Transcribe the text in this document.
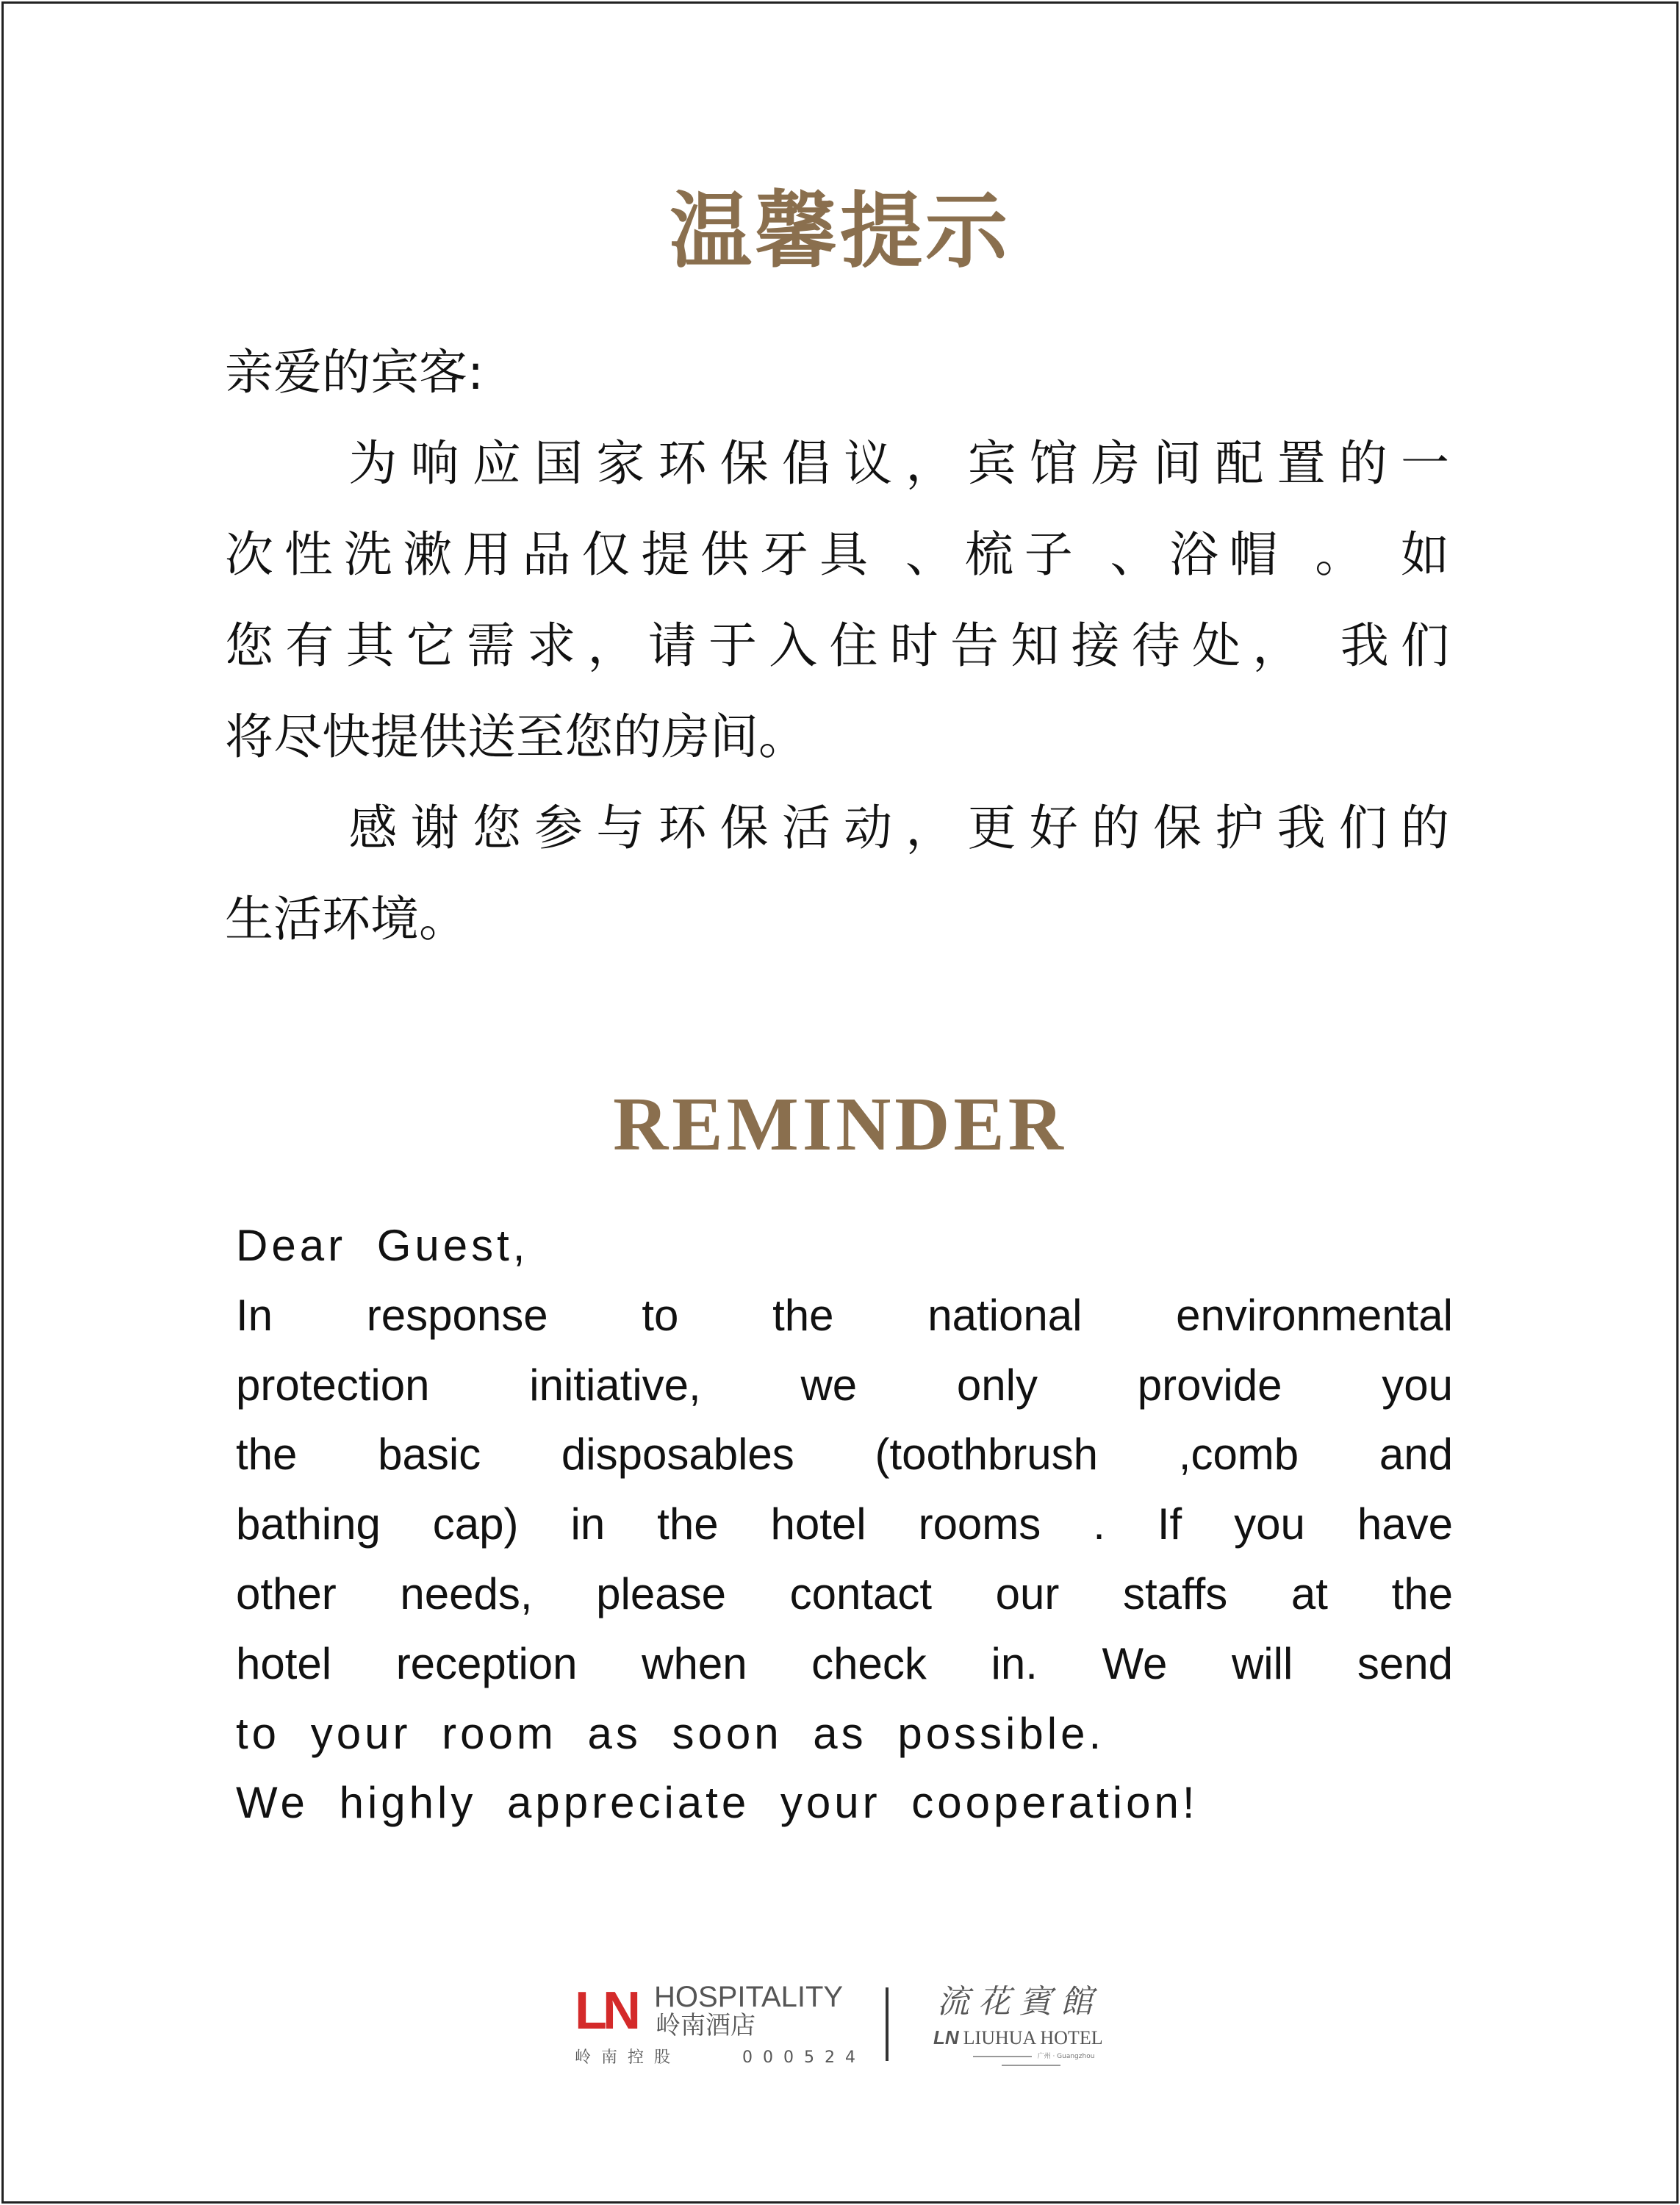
温馨提示
亲爱的宾客:
　　为响应国家环保倡议，宾馆房间配置的一
次性洗漱用品仅提供牙具 、梳子 、浴帽 。 如
您有其它需求，请于入住时告知接待处， 我们
将尽快提供送至您的房间。
　　感谢您参与环保活动，更好的保护我们的
生活环境。
REMINDER
Dear Guest,
In response to the national environmental
protection initiative, we only provide you
the basic disposables (toothbrush ,comb and
bathing cap) in the hotel rooms . If you have
other needs, please contact our staffs at the
hotel reception when check in. We will send
to your room as soon as possible.
We highly appreciate your cooperation!
LN HOSPITALITY
岭南酒店
岭南控股	000524
流花賓館
LN LIUHUA HOTEL
广州 · Guangzhou
